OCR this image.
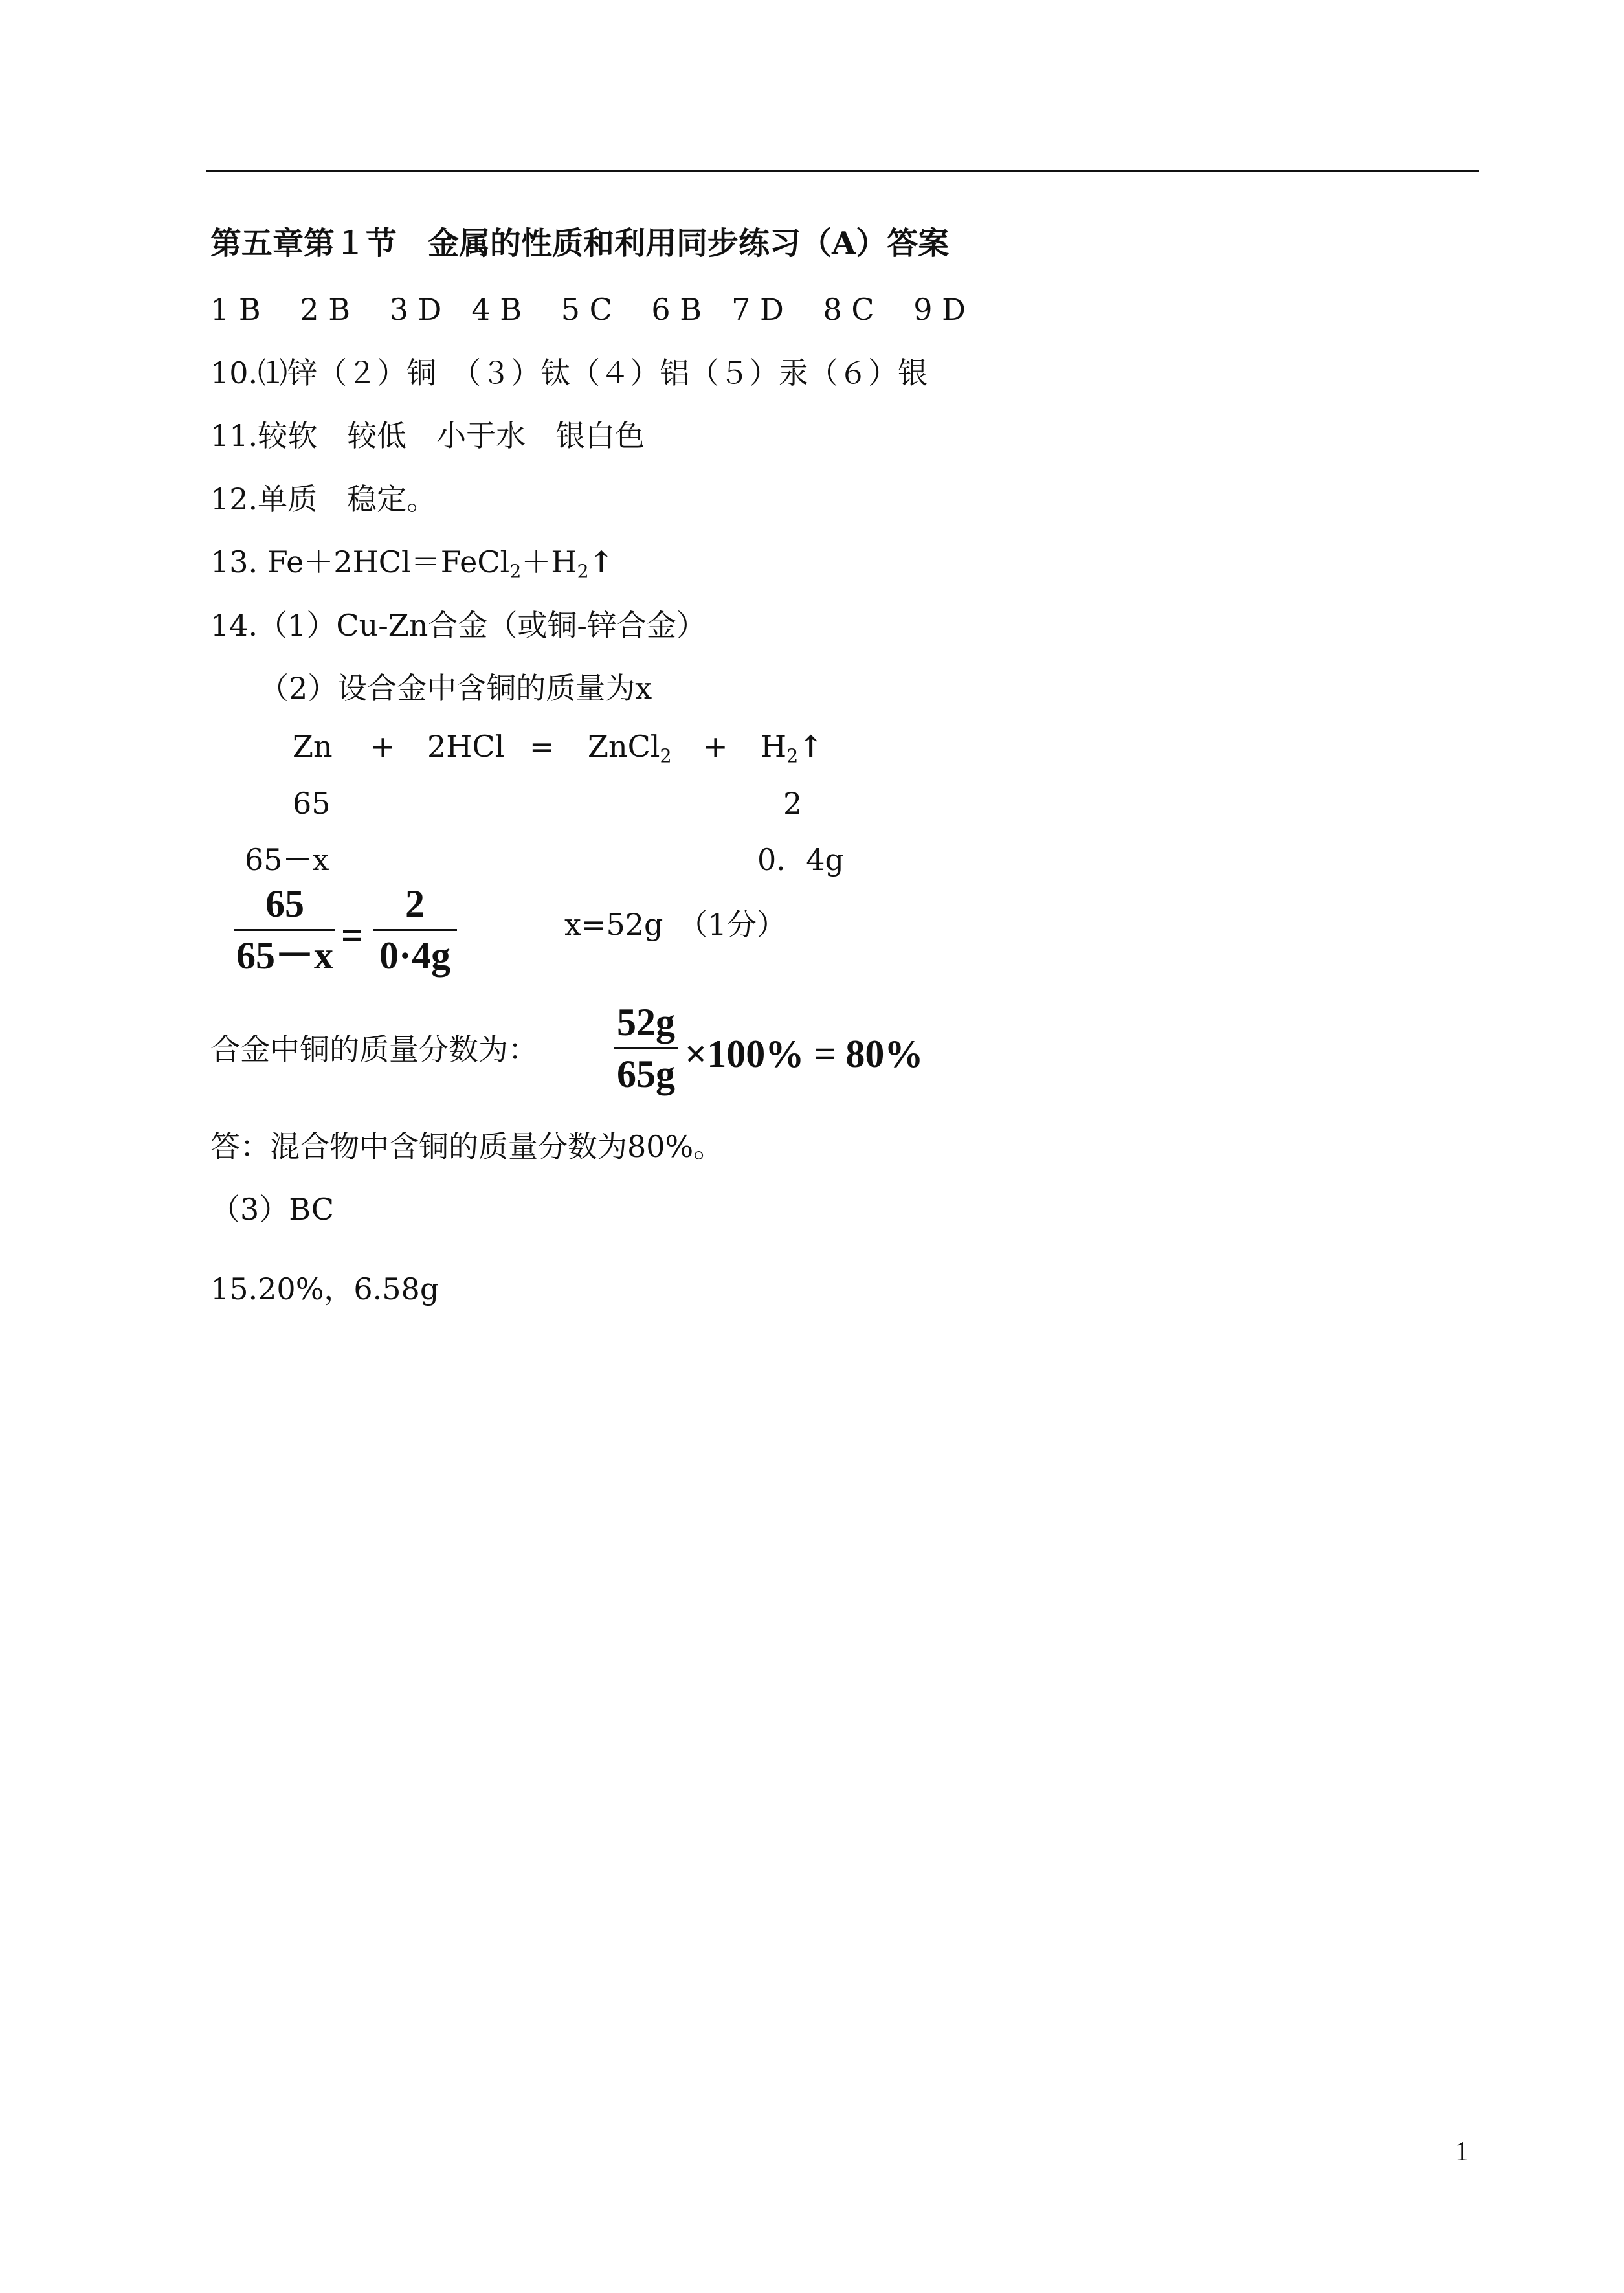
第五章第１节　金属的性质和利用同步练习（A）答案
1 B　 2 B　 3 D　4 B　 5 C　 6 B　7 D　 8 C　 9 D
10.⑴锌（２）铜　（３）钛（４）铝（５）汞（６）银
11.较软　较低　小于水　银白色
12.单质　稳定。
13. $Fe+2HCl=FeCl_2+H_2↑$
14.（1）Cu-Zn合金（或铜-锌合金）
（2）设合金中含铜的质量为x
Zn + 2HCl = ZnCl$_2$ + $H_2↑$
65	2
65－x	0．4g
65
65－x =
2
0·4g
x=52g　（1分）
合金中铜的质量分数为：
52g
65g ×100% = 80%
答：混合物中含铜的质量分数为80%。
（3）BC
15.20%，6.58g
1
